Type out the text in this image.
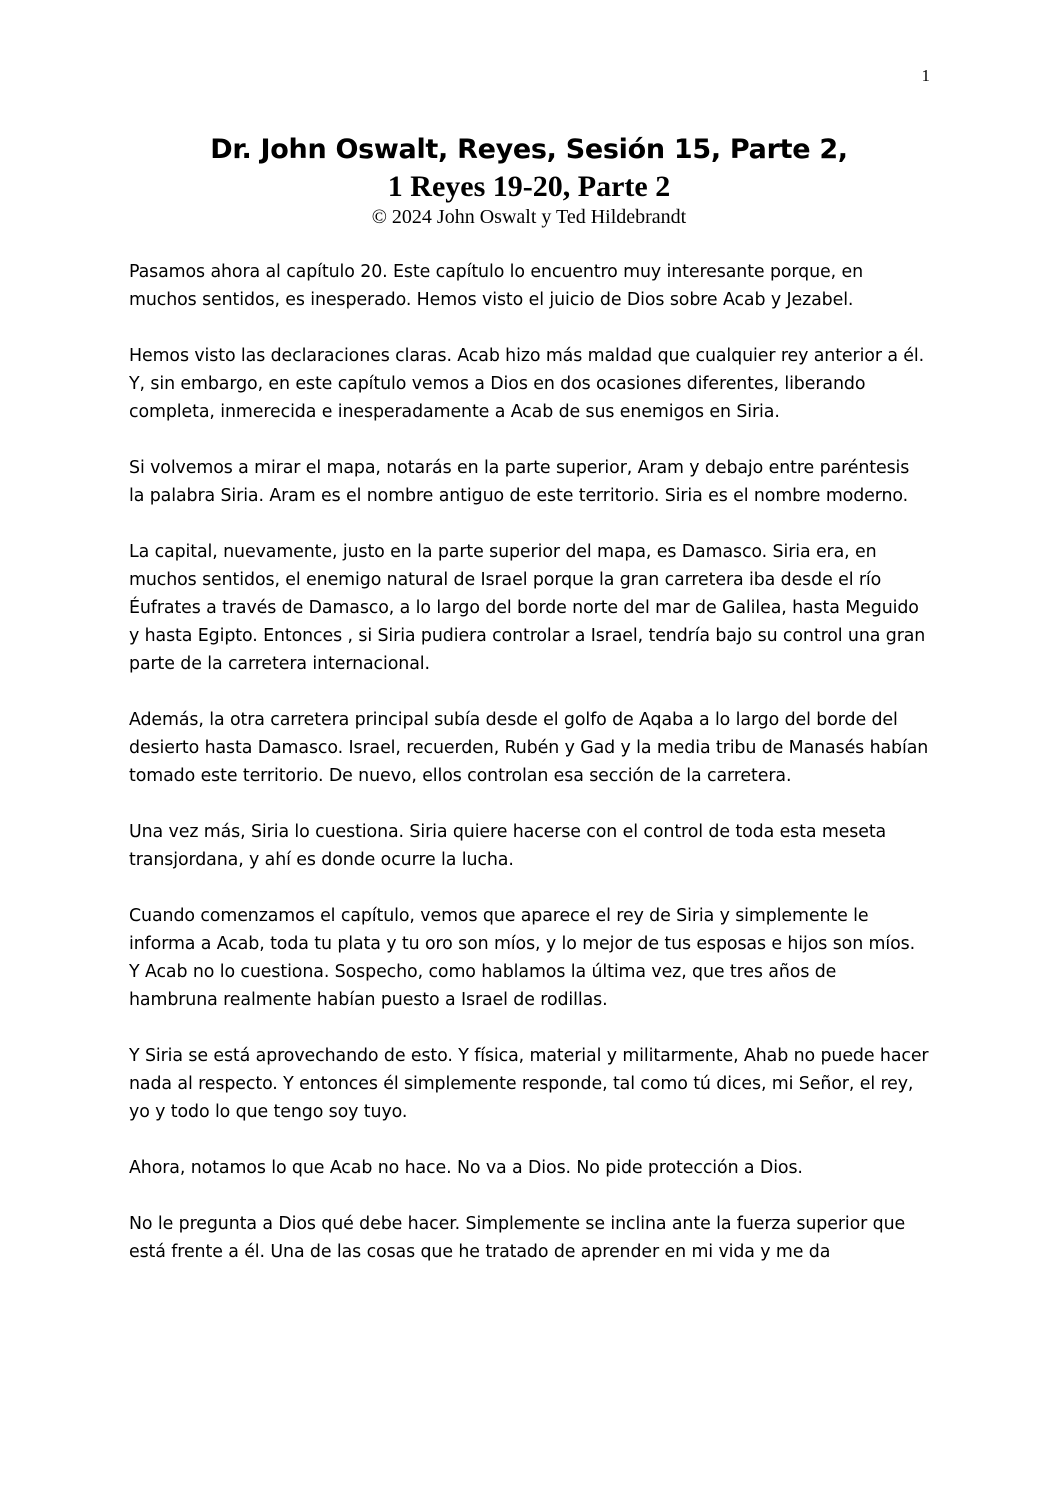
1
Dr. John Oswalt, Reyes, Sesión 15, Parte 2,
1 Reyes 19-20, Parte 2
© 2024 John Oswalt y Ted Hildebrandt

Pasamos ahora al capítulo 20. Este capítulo lo encuentro muy interesante porque, en muchos sentidos, es inesperado. Hemos visto el juicio de Dios sobre Acab y Jezabel.

Hemos visto las declaraciones claras. Acab hizo más maldad que cualquier rey anterior a él. Y, sin embargo, en este capítulo vemos a Dios en dos ocasiones diferentes, liberando completa, inmerecida e inesperadamente a Acab de sus enemigos en Siria.

Si volvemos a mirar el mapa, notarás en la parte superior, Aram y debajo entre paréntesis la palabra Siria. Aram es el nombre antiguo de este territorio. Siria es el nombre moderno.

La capital, nuevamente, justo en la parte superior del mapa, es Damasco. Siria era, en muchos sentidos, el enemigo natural de Israel porque la gran carretera iba desde el río Éufrates a través de Damasco, a lo largo del borde norte del mar de Galilea, hasta Meguido y hasta Egipto. Entonces , si Siria pudiera controlar a Israel, tendría bajo su control una gran parte de la carretera internacional.

Además, la otra carretera principal subía desde el golfo de Aqaba a lo largo del borde del desierto hasta Damasco. Israel, recuerden, Rubén y Gad y la media tribu de Manasés habían tomado este territorio. De nuevo, ellos controlan esa sección de la carretera.

Una vez más, Siria lo cuestiona. Siria quiere hacerse con el control de toda esta meseta transjordana, y ahí es donde ocurre la lucha.

Cuando comenzamos el capítulo, vemos que aparece el rey de Siria y simplemente le informa a Acab, toda tu plata y tu oro son míos, y lo mejor de tus esposas e hijos son míos. Y Acab no lo cuestiona. Sospecho, como hablamos la última vez, que tres años de hambruna realmente habían puesto a Israel de rodillas.

Y Siria se está aprovechando de esto. Y física, material y militarmente, Ahab no puede hacer nada al respecto. Y entonces él simplemente responde, tal como tú dices, mi Señor, el rey, yo y todo lo que tengo soy tuyo.

Ahora, notamos lo que Acab no hace. No va a Dios. No pide protección a Dios.

No le pregunta a Dios qué debe hacer. Simplemente se inclina ante la fuerza superior que está frente a él. Una de las cosas que he tratado de aprender en mi vida y me da
